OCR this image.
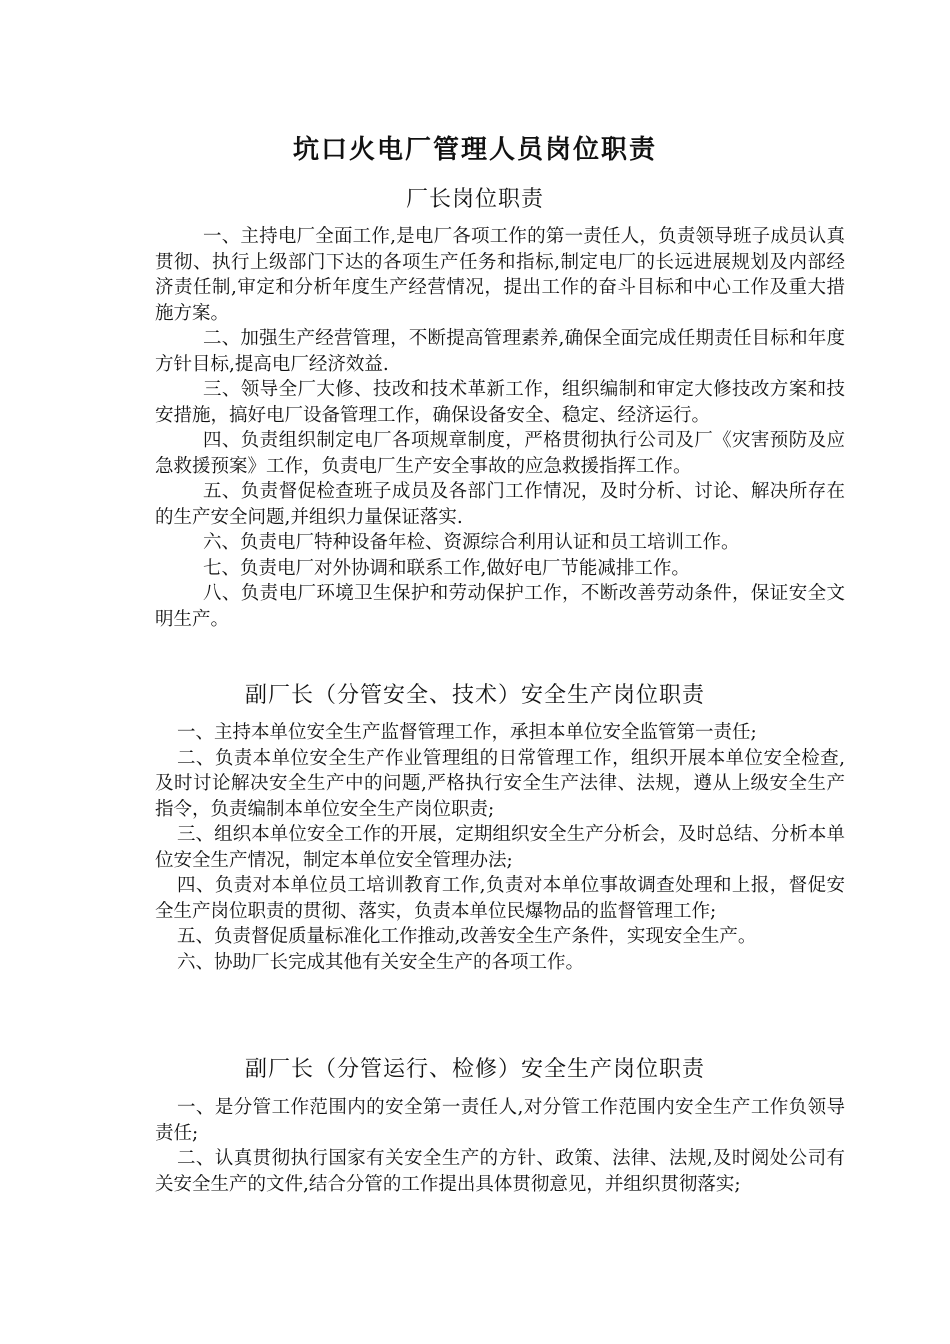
坑口火电厂管理人员岗位职责
厂长岗位职责

一、主持电厂全面工作,是电厂各项工作的第一责任人，负责领导班子成员认真贯彻、执行上级部门下达的各项生产任务和指标,制定电厂的长远进展规划及内部经济责任制,审定和分析年度生产经营情况，提出工作的奋斗目标和中心工作及重大措施方案。

二、加强生产经营管理，不断提高管理素养,确保全面完成任期责任目标和年度方针目标,提高电厂经济效益.

三、领导全厂大修、技改和技术革新工作，组织编制和审定大修技改方案和技安措施，搞好电厂设备管理工作，确保设备安全、稳定、经济运行。

四、负责组织制定电厂各项规章制度，严格贯彻执行公司及厂《灾害预防及应急救援预案》工作，负责电厂生产安全事故的应急救援指挥工作。

五、负责督促检查班子成员及各部门工作情况，及时分析、讨论、解决所存在的生产安全问题,并组织力量保证落实.

六、负责电厂特种设备年检、资源综合利用认证和员工培训工作。

七、负责电厂对外协调和联系工作,做好电厂节能减排工作。

八、负责电厂环境卫生保护和劳动保护工作，不断改善劳动条件，保证安全文明生产。

副厂长（分管安全、技术）安全生产岗位职责

一、主持本单位安全生产监督管理工作，承担本单位安全监管第一责任;

二、负责本单位安全生产作业管理组的日常管理工作，组织开展本单位安全检查,及时讨论解决安全生产中的问题,严格执行安全生产法律、法规，遵从上级安全生产指令，负责编制本单位安全生产岗位职责;

三、组织本单位安全工作的开展，定期组织安全生产分析会，及时总结、分析本单位安全生产情况，制定本单位安全管理办法;

四、负责对本单位员工培训教育工作,负责对本单位事故调查处理和上报，督促安全生产岗位职责的贯彻、落实，负责本单位民爆物品的监督管理工作;

五、负责督促质量标准化工作推动,改善安全生产条件，实现安全生产。

六、协助厂长完成其他有关安全生产的各项工作。

副厂长（分管运行、检修）安全生产岗位职责

一、是分管工作范围内的安全第一责任人,对分管工作范围内安全生产工作负领导责任;

二、认真贯彻执行国家有关安全生产的方针、政策、法律、法规,及时阅处公司有关安全生产的文件,结合分管的工作提出具体贯彻意见，并组织贯彻落实;
